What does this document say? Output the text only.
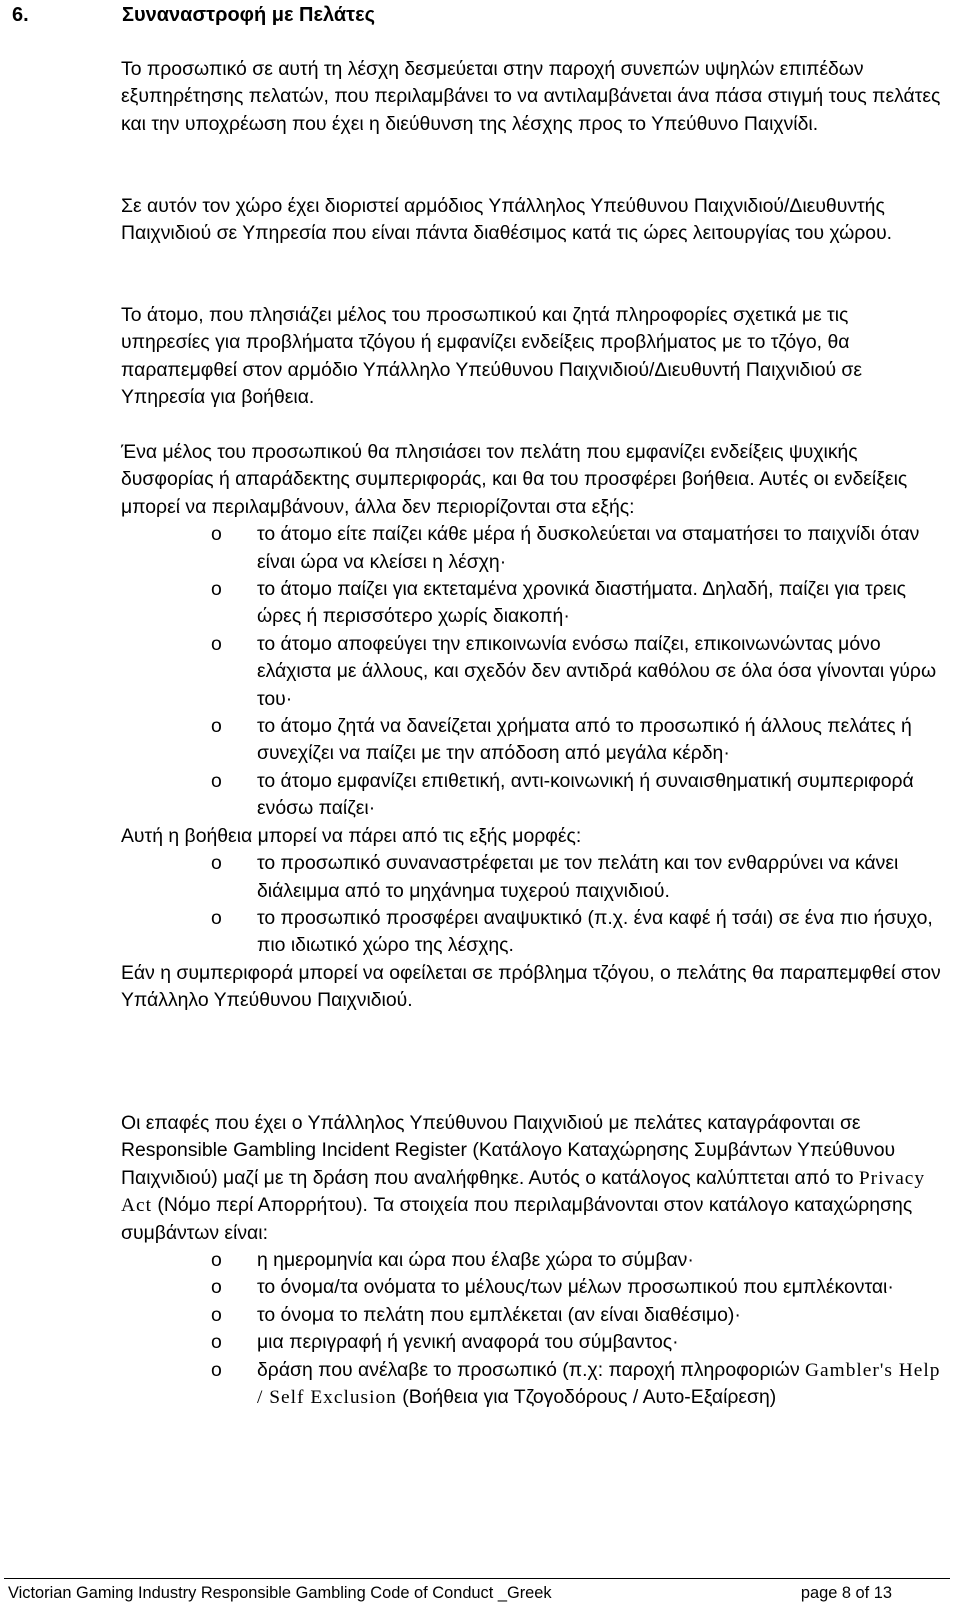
6.	Συναναστροφή με Πελάτες

Το προσωπικό σε αυτή τη λέσχη δεσμεύεται στην παροχή συνεπών υψηλών επιπέδων εξυπηρέτησης πελατών, που περιλαμβάνει το να αντιλαμβάνεται άνα πάσα στιγμή τους πελάτες και την υποχρέωση που έχει η διεύθυνση της λέσχης προς το Υπεύθυνο Παιχνίδι.

Σε αυτόν τον χώρο έχει διοριστεί αρμόδιος Υπάλληλος Υπεύθυνου Παιχνιδιού/Διευθυντής Παιχνιδιού σε Υπηρεσία που είναι πάντα διαθέσιμος κατά τις ώρες λειτουργίας του χώρου.

Το άτομο, που πλησιάζει μέλος του προσωπικού και ζητά πληροφορίες σχετικά με τις υπηρεσίες για προβλήματα τζόγου ή εμφανίζει ενδείξεις προβλήματος με το τζόγο, θα παραπεμφθεί στον αρμόδιο Υπάλληλο Υπεύθυνου Παιχνιδιού/Διευθυντή Παιχνιδιού σε Υπηρεσία για βοήθεια.

Ένα μέλος του προσωπικού θα πλησιάσει τον πελάτη που εμφανίζει ενδείξεις ψυχικής δυσφορίας ή απαράδεκτης συμπεριφοράς, και θα του προσφέρει βοήθεια. Αυτές οι ενδείξεις μπορεί να περιλαμβάνουν, άλλα δεν περιορίζονται στα εξής:

o το άτομο είτε παίζει κάθε μέρα ή δυσκολεύεται να σταματήσει το παιχνίδι όταν είναι ώρα να κλείσει η λέσχη·
o το άτομο παίζει για εκτεταμένα χρονικά διαστήματα. Δηλαδή, παίζει για τρεις ώρες ή περισσότερο χωρίς διακοπή·
o το άτομο αποφεύγει την επικοινωνία ενόσω παίζει, επικοινωνώντας μόνο ελάχιστα με άλλους, και σχεδόν δεν αντιδρά καθόλου σε όλα όσα γίνονται γύρω του·
o το άτομο ζητά να δανείζεται χρήματα από το προσωπικό ή άλλους πελάτες ή συνεχίζει να παίζει με την απόδοση από μεγάλα κέρδη·
o το άτομο εμφανίζει επιθετική, αντι-κοινωνική ή συναισθηματική συμπεριφορά ενόσω παίζει·

Αυτή η βοήθεια μπορεί να πάρει από τις εξής μορφές:

o το προσωπικό συναναστρέφεται με τον πελάτη και τον ενθαρρύνει να κάνει διάλειμμα από το μηχάνημα τυχερού παιχνιδιού.
o το προσωπικό προσφέρει αναψυκτικό (π.χ. ένα καφέ ή τσάι) σε ένα πιο ήσυχο, πιο ιδιωτικό χώρο της λέσχης.

Εάν η συμπεριφορά μπορεί να οφείλεται σε πρόβλημα τζόγου, ο πελάτης θα παραπεμφθεί στον Υπάλληλο Υπεύθυνου Παιχνιδιού.

Οι επαφές που έχει ο Υπάλληλος Υπεύθυνου Παιχνιδιού με πελάτες καταγράφονται σε Responsible Gambling Incident Register (Κατάλογο Καταχώρησης Συμβάντων Υπεύθυνου Παιχνιδιού) μαζί με τη δράση που αναλήφθηκε. Αυτός ο κατάλογος καλύπτεται από το Privacy Act (Νόμο περί Απορρήτου). Τα στοιχεία που περιλαμβάνονται στον κατάλογο καταχώρησης συμβάντων είναι:

o η ημερομηνία και ώρα που έλαβε χώρα το σύμβαν·
o το όνομα/τα ονόματα το μέλους/των μέλων προσωπικού που εμπλέκονται·
o το όνομα το πελάτη που εμπλέκεται (αν είναι διαθέσιμο)·
o μια περιγραφή ή γενική αναφορά του σύμβαντος·
o δράση που ανέλαβε το προσωπικό (π.χ: παροχή πληροφοριών Gambler's Help / Self Exclusion (Βοήθεια για Τζογοδόρους / Αυτο-Εξαίρεση)
Victorian Gaming Industry Responsible Gambling Code of Conduct _Greek	page 8 of 13
